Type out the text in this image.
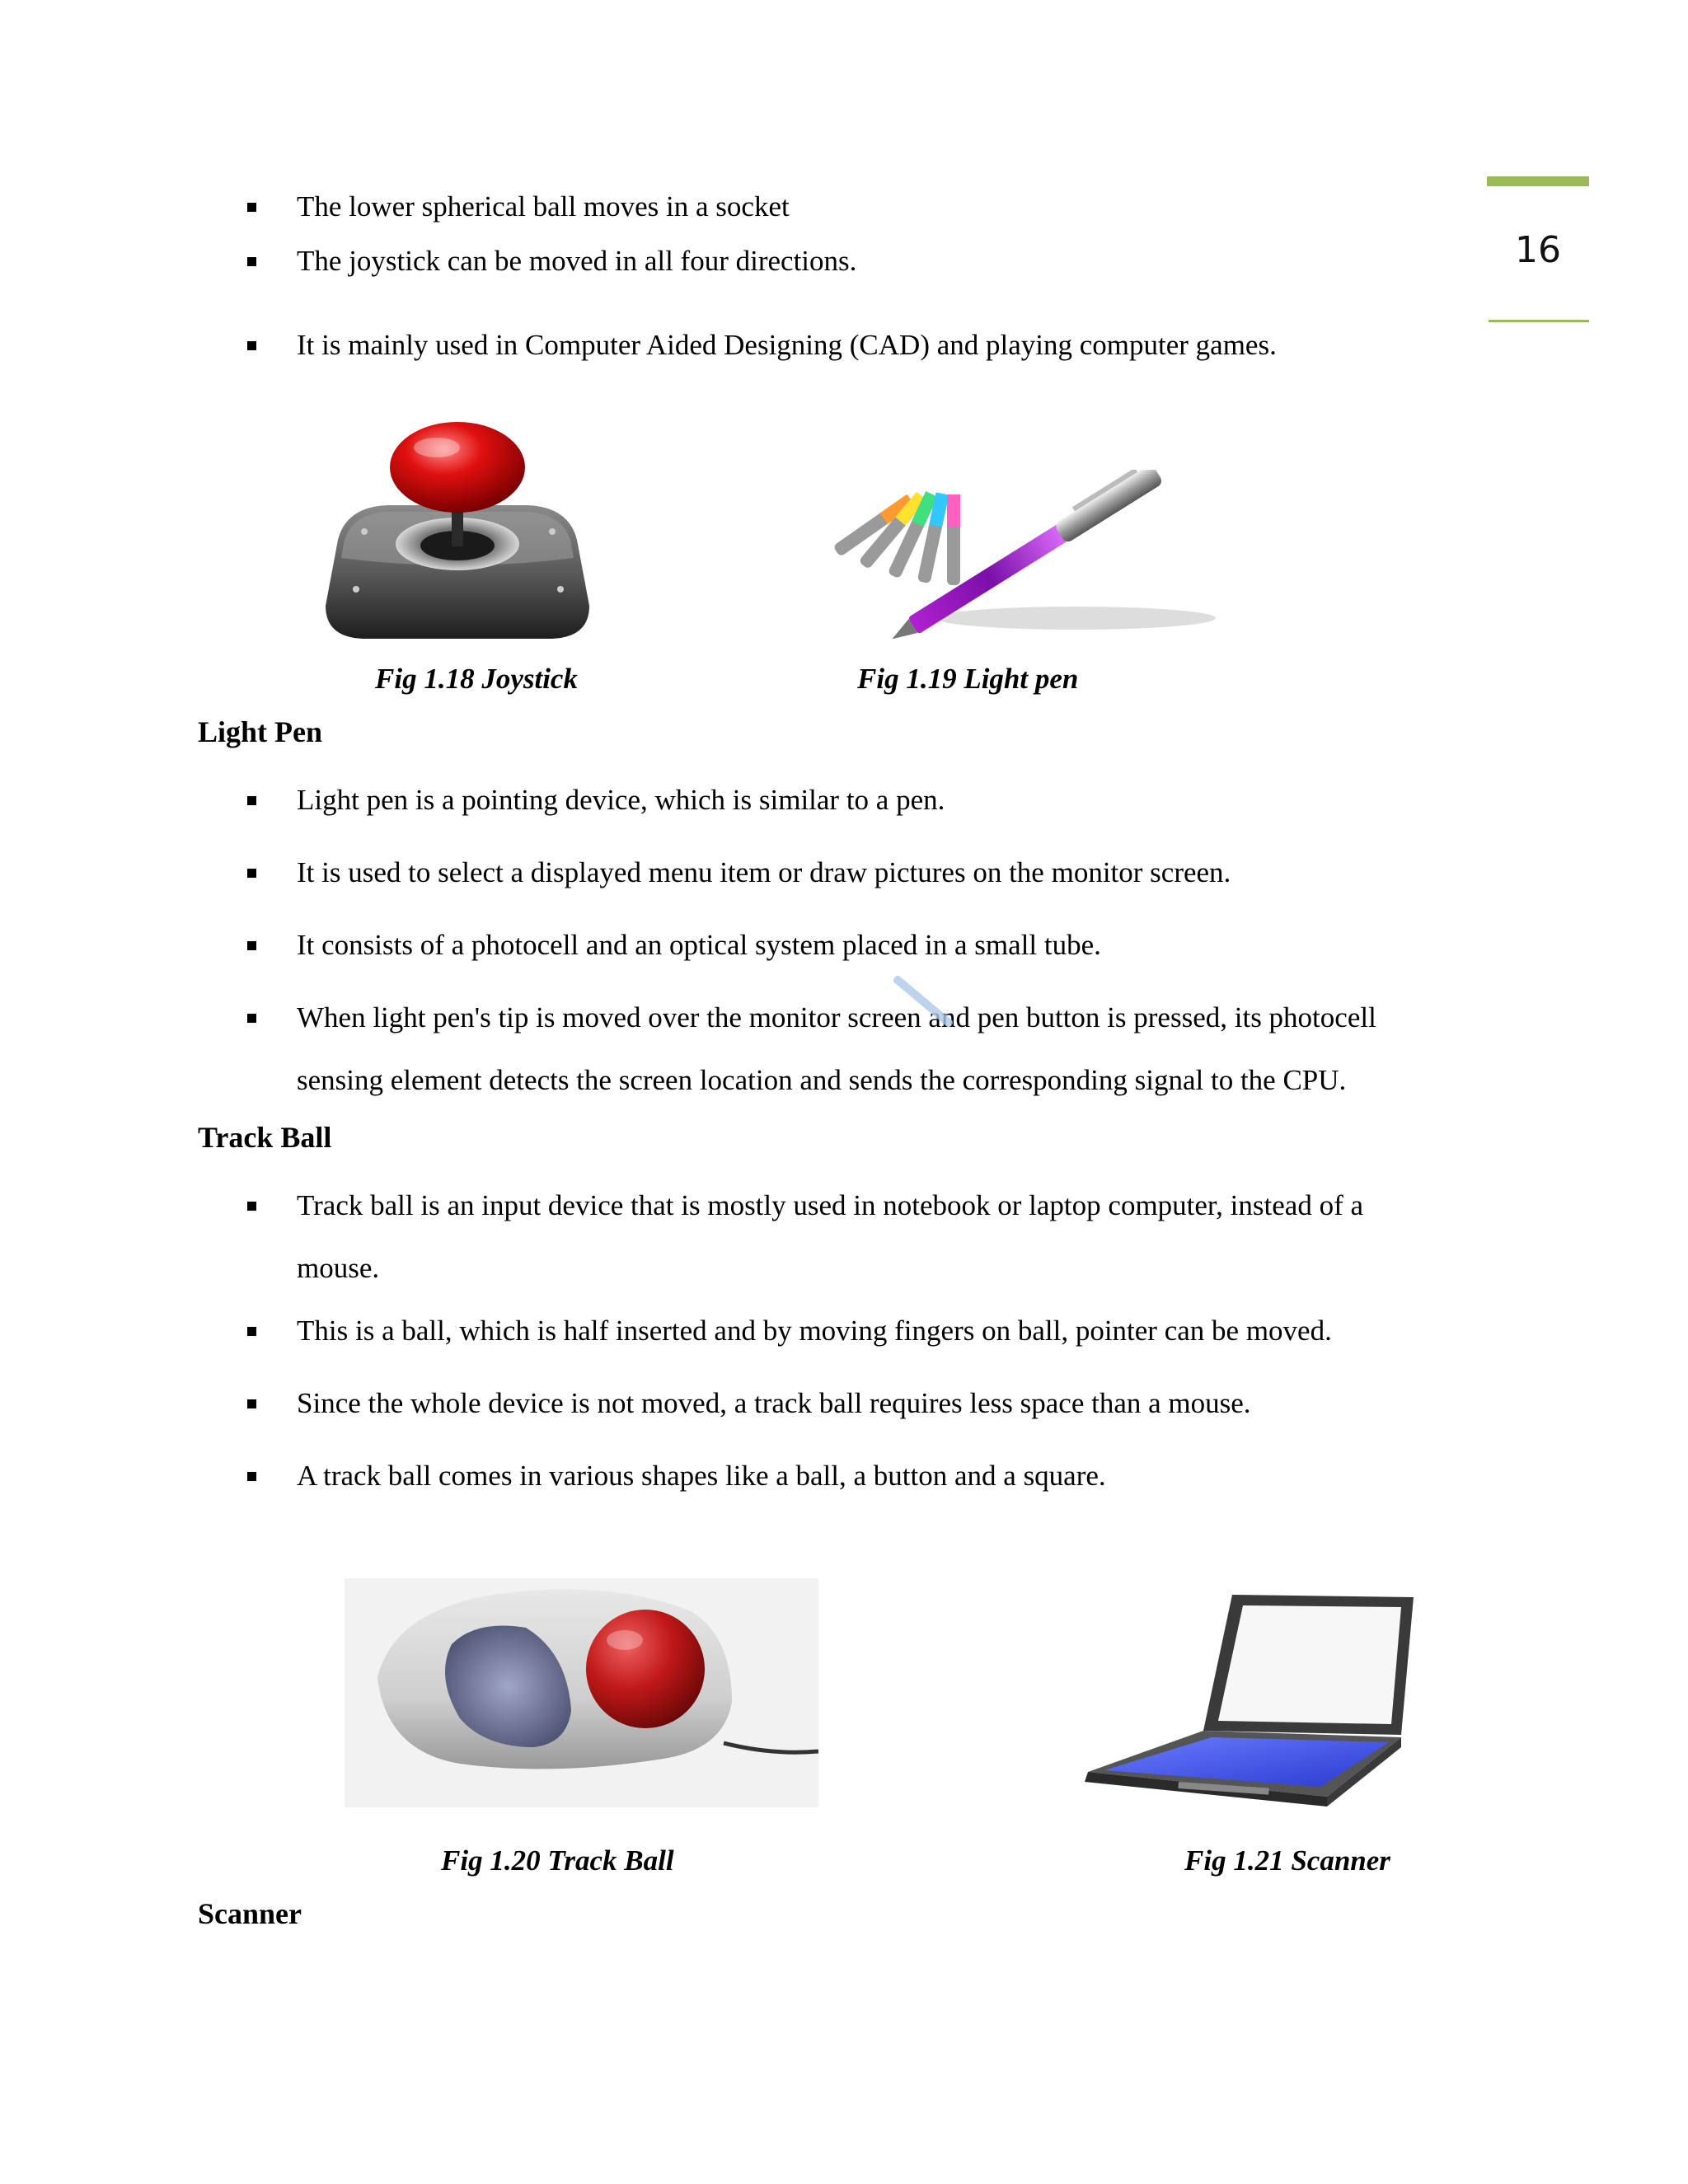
16
The lower spherical ball moves in a socket
The joystick can be moved in all four directions.
It is mainly used in Computer Aided Designing (CAD) and playing computer games.
Fig 1.18 Joystick	Fig 1.19 Light pen
Light Pen
Light pen is a pointing device, which is similar to a pen.
It is used to select a displayed menu item or draw pictures on the monitor screen.
It consists of a photocell and an optical system placed in a small tube.
When light pen's tip is moved over the monitor screen and pen button is pressed, its photocell
sensing element detects the screen location and sends the corresponding signal to the CPU.
Track Ball
Track ball is an input device that is mostly used in notebook or laptop computer, instead of a
mouse.
This is a ball, which is half inserted and by moving fingers on ball, pointer can be moved.
Since the whole device is not moved, a track ball requires less space than a mouse.
A track ball comes in various shapes like a ball, a button and a square.
Fig 1.20 Track Ball	Fig 1.21 Scanner
Scanner
